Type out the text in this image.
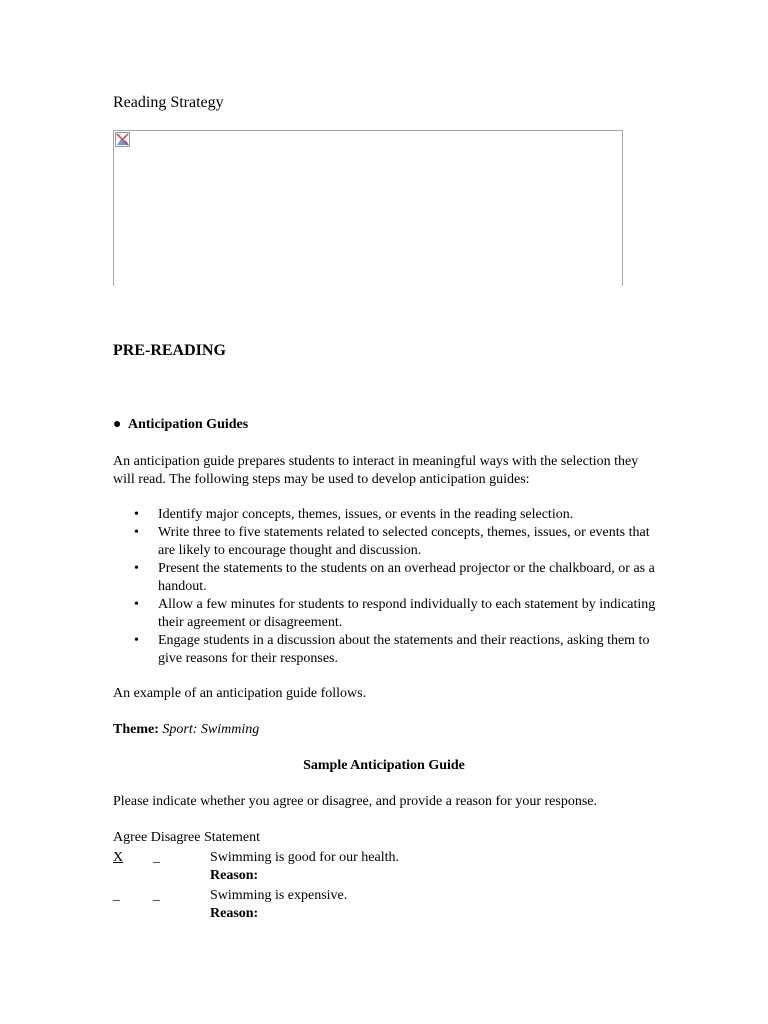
Reading Strategy
PRE-READING
● Anticipation Guides
An anticipation guide prepares students to interact in meaningful ways with the selection they will read. The following steps may be used to develop anticipation guides:
• Identify major concepts, themes, issues, or events in the reading selection.
• Write three to five statements related to selected concepts, themes, issues, or events that are likely to encourage thought and discussion.
• Present the statements to the students on an overhead projector or the chalkboard, or as a handout.
• Allow a few minutes for students to respond individually to each statement by indicating their agreement or disagreement.
• Engage students in a discussion about the statements and their reactions, asking them to give reasons for their responses.
An example of an anticipation guide follows.
Theme: Sport: Swimming
Sample Anticipation Guide
Please indicate whether you agree or disagree, and provide a reason for your response.
Agree Disagree Statement
X _	Swimming is good for our health.
Reason:
_ _	Swimming is expensive.
Reason:
